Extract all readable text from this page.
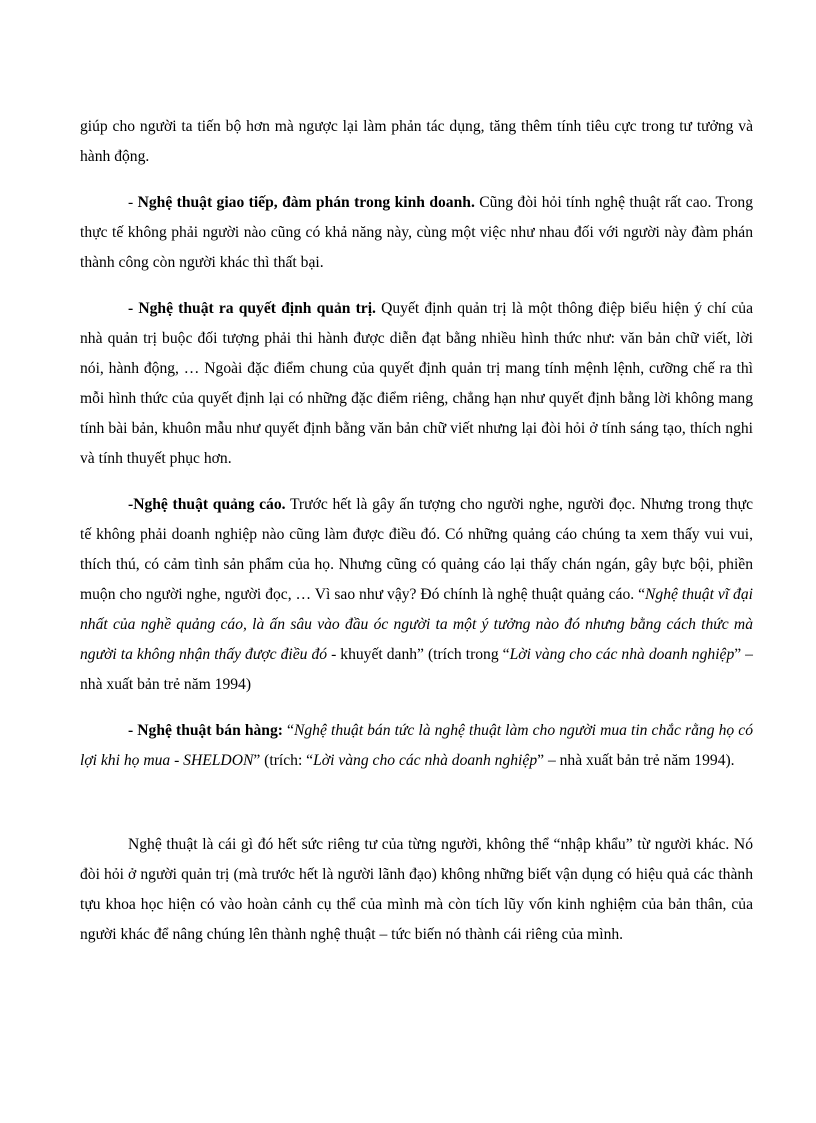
giúp cho người ta tiến bộ hơn mà ngược lại làm phản tác dụng, tăng thêm tính tiêu cực trong tư tưởng và hành động.

- Nghệ thuật giao tiếp, đàm phán trong kinh doanh. Cũng đòi hỏi tính nghệ thuật rất cao. Trong thực tế không phải người nào cũng có khả năng này, cùng một việc như nhau đối với người này đàm phán thành công còn người khác thì thất bại.

- Nghệ thuật ra quyết định quản trị. Quyết định quản trị là một thông điệp biểu hiện ý chí của nhà quản trị buộc đối tượng phải thi hành được diễn đạt bằng nhiều hình thức như: văn bản chữ viết, lời nói, hành động, … Ngoài đặc điểm chung của quyết định quản trị mang tính mệnh lệnh, cưỡng chế ra thì mỗi hình thức của quyết định lại có những đặc điểm riêng, chẳng hạn như quyết định bằng lời không mang tính bài bản, khuôn mẫu như quyết định bằng văn bản chữ viết nhưng lại đòi hỏi ở tính sáng tạo, thích nghi và tính thuyết phục hơn.

-Nghệ thuật quảng cáo. Trước hết là gây ấn tượng cho người nghe, người đọc. Nhưng trong thực tế không phải doanh nghiệp nào cũng làm được điều đó. Có những quảng cáo chúng ta xem thấy vui vui, thích thú, có cảm tình sản phẩm của họ. Nhưng cũng có quảng cáo lại thấy chán ngán, gây bực bội, phiền muộn cho người nghe, người đọc, … Vì sao như vậy? Đó chính là nghệ thuật quảng cáo. “Nghệ thuật vĩ đại nhất của nghề quảng cáo, là ấn sâu vào đầu óc người ta một ý tưởng nào đó nhưng bằng cách thức mà người ta không nhận thấy được điều đó - khuyết danh” (trích trong “Lời vàng cho các nhà doanh nghiệp” – nhà xuất bản trẻ năm 1994)

- Nghệ thuật bán hàng: “Nghệ thuật bán tức là nghệ thuật làm cho người mua tin chắc rằng họ có lợi khi họ mua - SHELDON” (trích: “Lời vàng cho các nhà doanh nghiệp” – nhà xuất bản trẻ năm 1994).

Nghệ thuật là cái gì đó hết sức riêng tư của từng người, không thể “nhập khẩu” từ người khác. Nó đòi hỏi ở người quản trị (mà trước hết là người lãnh đạo) không những biết vận dụng có hiệu quả các thành tựu khoa học hiện có vào hoàn cảnh cụ thể của mình mà còn tích lũy vốn kinh nghiệm của bản thân, của người khác để nâng chúng lên thành nghệ thuật – tức biến nó thành cái riêng của mình.
